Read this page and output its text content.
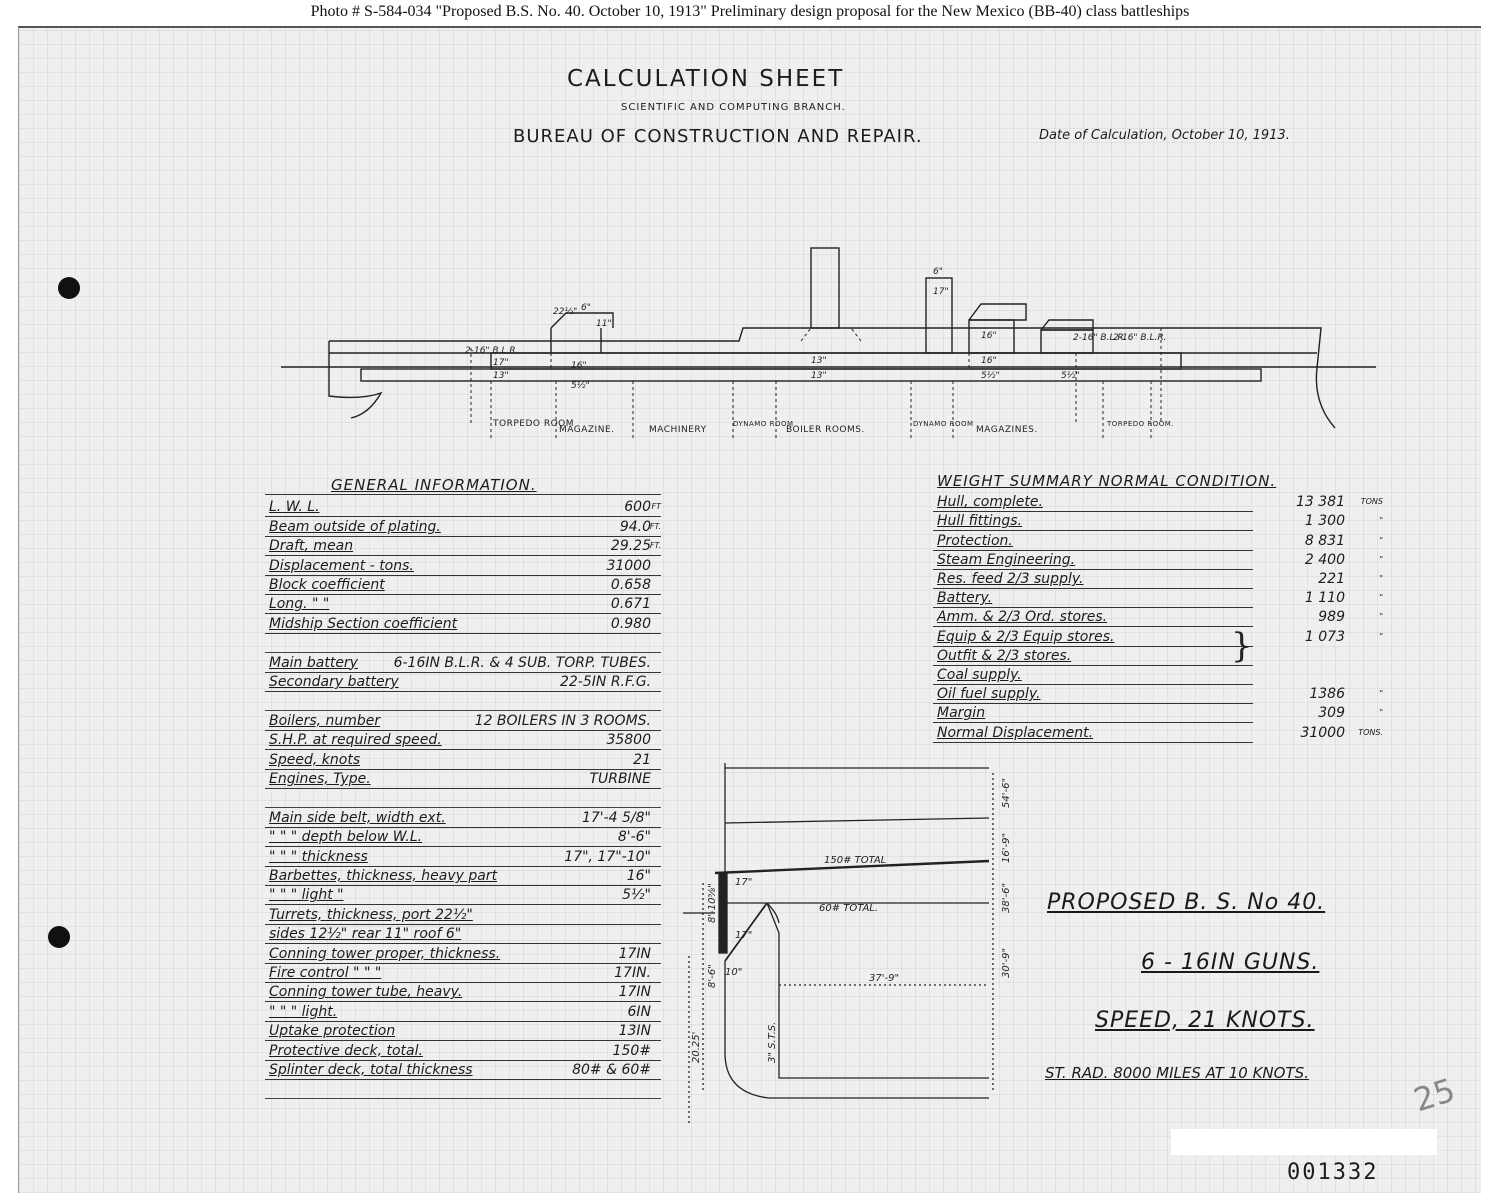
Photo # S-584-034 "Proposed B.S. No. 40. October 10, 1913" Preliminary design proposal for the New Mexico (BB-40) class battleships
CALCULATION SHEET
SCIENTIFIC AND COMPUTING BRANCH.
BUREAU OF CONSTRUCTION AND REPAIR.	Date of Calculation, October 10, 1913.
2-16" B.L.R.
2-16" B.L.R.
2-16" B.L.R.
16"
5½"
13"
13"
16"
16"
5½"	5½"
6"
17"
6"
11"
22½"
17"
13"
TORPEDO ROOM
MAGAZINE.	MACHINERY
DYNAMO ROOM
BOILER ROOMS.
DYNAMO ROOM
MAGAZINES.
TORPEDO ROOM.
GENERAL INFORMATION.
L. W. L.	600 FT
Beam outside of plating.	94.0
FT.
Draft, mean	29.25
FT.
Displacement - tons.	31000
Block coefficient	0.658
Long. " "	0.671
Midship Section coefficient	0.980
Main battery	6-16IN B.L.R. & 4 SUB. TORP. TUBES.
Secondary battery	22-5IN R.F.G.
Boilers, number	12 BOILERS IN 3 ROOMS.
S.H.P. at required speed.	35800
Speed, knots	21
Engines, Type.	TURBINE
Main side belt, width ext.	17'-4 5/8"
" " " depth below W.L.	8'-6"
" " " thickness	17", 17"-10"
Barbettes, thickness, heavy part	16"
" " " light "	5½"
Turrets, thickness, port 22½"
sides 12½" rear 11" roof 6"
Conning tower proper, thickness.	17IN
Fire control " " "	17IN.
Conning tower tube, heavy.	17IN
" " " light.	6IN
Uptake protection	13IN
Protective deck, total.	150#
Splinter deck, total thickness	80# & 60#
WEIGHT SUMMARY NORMAL CONDITION.
Hull, complete.	13 381 TONS
Hull fittings.	1 300	"
Protection.	8 831	"
Steam Engineering.	2 400	"
Res. feed 2/3 supply.	221	"
Battery.	1 110	"
Amm. & 2/3 Ord. stores.	989	"
Equip & 2/3 Equip stores.	1 073	"
Outfit & 2/3 stores.
Coal supply.
Oil fuel supply.	1386	"
Margin	309	"
Normal Displacement.	31000 TONS.
}
150# TOTAL
60# TOTAL.
17"
17"
10"
37'-9"
3" S.T.S.
8'-10⅝"
8'-6"
20.25'
54'-6"
16'-9"
38'-6"
30'-9"
PROPOSED B. S. No 40.
6 - 16IN GUNS.
SPEED, 21 KNOTS.
ST. RAD. 8000 MILES AT 10 KNOTS.	25
001332
